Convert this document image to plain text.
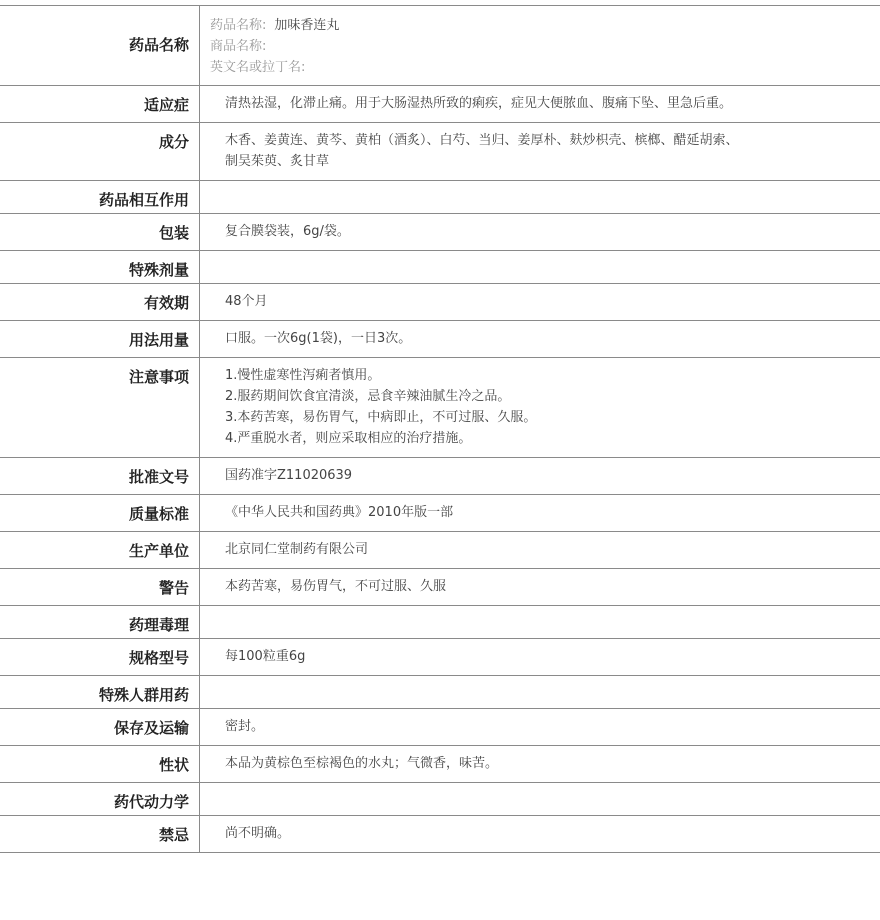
药品名称
药品名称: 加味香连丸
商品名称:
英文名或拉丁名:
适应症	清热祛湿，化滞止痛。用于大肠湿热所致的痢疾，症见大便脓血、腹痛下坠、里急后重。
成分	木香、姜黄连、黄芩、黄柏（酒炙）、白芍、当归、姜厚朴、麸炒枳壳、槟榔、醋延胡索、
制吴茱萸、炙甘草
药品相互作用
包装	复合膜袋装，6g/袋。
特殊剂量
有效期	48个月
用法用量	口服。一次6g(1袋)，一日3次。
注意事项	1.慢性虚寒性泻痢者慎用。
2.服药期间饮食宜清淡，忌食辛辣油腻生冷之品。
3.本药苦寒，易伤胃气，中病即止，不可过服、久服。
4.严重脱水者，则应采取相应的治疗措施。
批准文号	国药准字Z11020639
质量标准	《中华人民共和国药典》2010年版一部
生产单位	北京同仁堂制药有限公司
警告	本药苦寒，易伤胃气，不可过服、久服
药理毒理
规格型号	每100粒重6g
特殊人群用药
保存及运输	密封。
性状	本品为黄棕色至棕褐色的水丸；气微香，味苦。
药代动力学
禁忌	尚不明确。
